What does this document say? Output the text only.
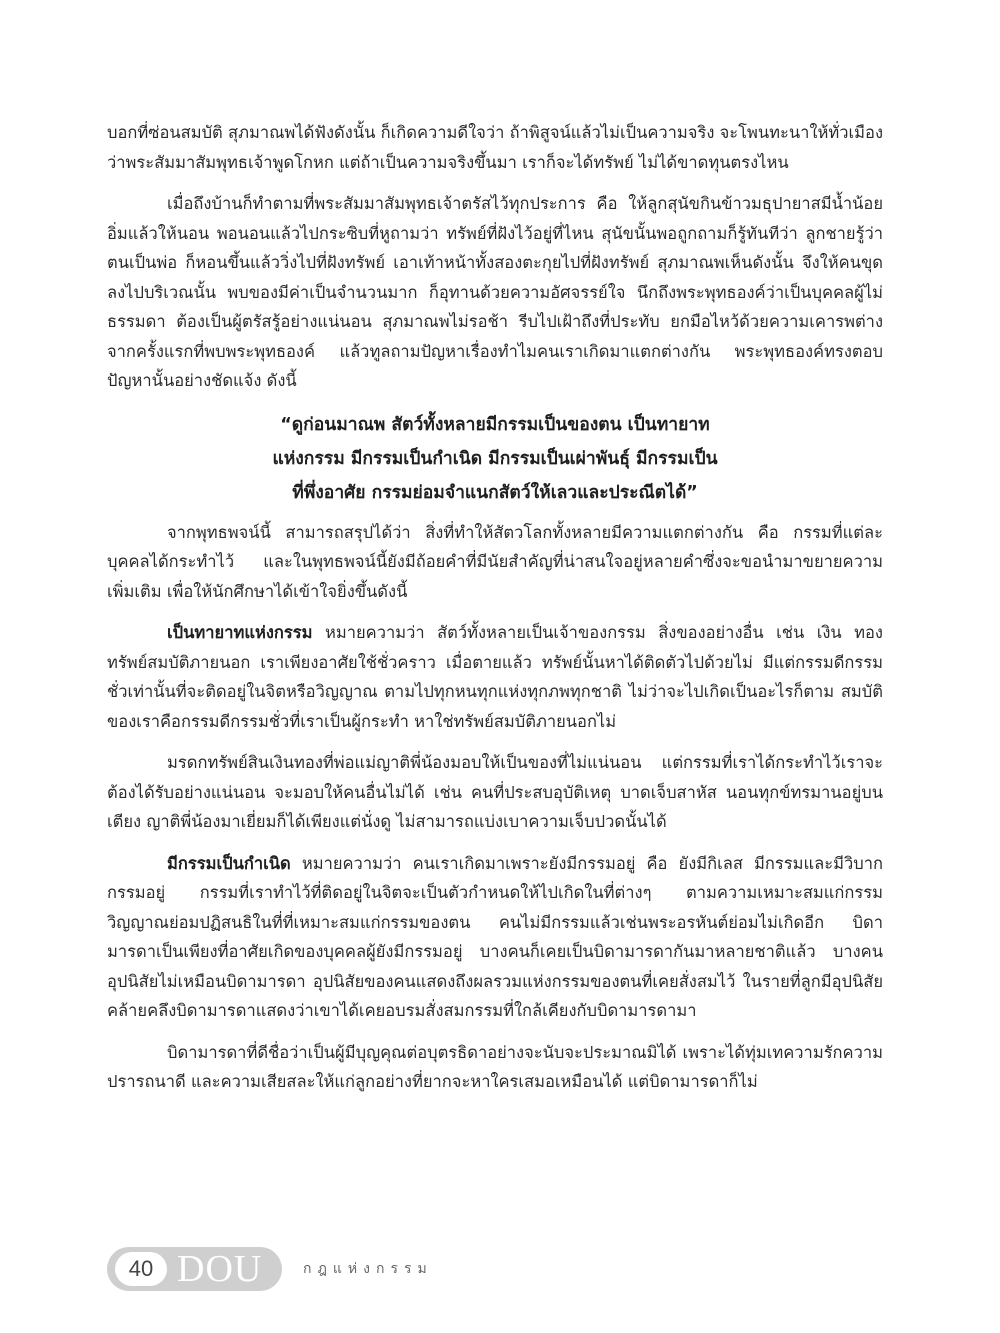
บอกที่ซ่อนสมบัติ สุภมาณพได้ฟังดังนั้น ก็เกิดความดีใจว่า ถ้าพิสูจน์แล้วไม่เป็นความจริง จะโพนทะนาให้ทั่วเมืองว่าพระสัมมาสัมพุทธเจ้าพูดโกหก แต่ถ้าเป็นความจริงขึ้นมา เราก็จะได้ทรัพย์ ไม่ได้ขาดทุนตรงไหน

เมื่อถึงบ้านก็ทำตามที่พระสัมมาสัมพุทธเจ้าตรัสไว้ทุกประการ คือ ให้ลูกสุนัขกินข้าวมธุปายาสมีน้ำน้อย อิ่มแล้วให้นอน พอนอนแล้วไปกระซิบที่หูถามว่า ทรัพย์ที่ฝังไว้อยู่ที่ไหน สุนัขนั้นพอถูกถามก็รู้ทันทีว่า ลูกชายรู้ว่าตนเป็นพ่อ ก็หอนขึ้นแล้ววิ่งไปที่ฝังทรัพย์ เอาเท้าหน้าทั้งสองตะกุยไปที่ฝังทรัพย์ สุภมาณพเห็นดังนั้น จึงให้คนขุดลงไปบริเวณนั้น พบของมีค่าเป็นจำนวนมาก ก็อุทานด้วยความอัศจรรย์ใจ นึกถึงพระพุทธองค์ว่าเป็นบุคคลผู้ไม่ธรรมดา ต้องเป็นผู้ตรัสรู้อย่างแน่นอน สุภมาณพไม่รอช้า รีบไปเฝ้าถึงที่ประทับ ยกมือไหว้ด้วยความเคารพต่างจากครั้งแรกที่พบพระพุทธองค์ แล้วทูลถามปัญหาเรื่องทำไมคนเราเกิดมาแตกต่างกัน พระพุทธองค์ทรงตอบปัญหานั้นอย่างชัดแจ้ง ดังนี้

“ดูก่อนมาณพ สัตว์ทั้งหลายมีกรรมเป็นของตน เป็นทายาท
แห่งกรรม มีกรรมเป็นกำเนิด มีกรรมเป็นเผ่าพันธุ์ มีกรรมเป็น
ที่พึ่งอาศัย กรรมย่อมจำแนกสัตว์ให้เลวและประณีตได้”

จากพุทธพจน์นี้ สามารถสรุปได้ว่า สิ่งที่ทำให้สัตวโลกทั้งหลายมีความแตกต่างกัน คือ กรรมที่แต่ละบุคคลได้กระทำไว้ และในพุทธพจน์นี้ยังมีถ้อยคำที่มีนัยสำคัญที่น่าสนใจอยู่หลายคำซึ่งจะขอนำมาขยายความเพิ่มเติม เพื่อให้นักศึกษาได้เข้าใจยิ่งขึ้นดังนี้

เป็นทายาทแห่งกรรม หมายความว่า สัตว์ทั้งหลายเป็นเจ้าของกรรม สิ่งของอย่างอื่น เช่น เงิน ทอง ทรัพย์สมบัติภายนอก เราเพียงอาศัยใช้ชั่วคราว เมื่อตายแล้ว ทรัพย์นั้นหาได้ติดตัวไปด้วยไม่ มีแต่กรรมดีกรรมชั่วเท่านั้นที่จะติดอยู่ในจิตหรือวิญญาณ ตามไปทุกหนทุกแห่งทุกภพทุกชาติ ไม่ว่าจะไปเกิดเป็นอะไรก็ตาม สมบัติของเราคือกรรมดีกรรมชั่วที่เราเป็นผู้กระทำ หาใช่ทรัพย์สมบัติภายนอกไม่

มรดกทรัพย์สินเงินทองที่พ่อแม่ญาติพี่น้องมอบให้เป็นของที่ไม่แน่นอน แต่กรรมที่เราได้กระทำไว้เราจะต้องได้รับอย่างแน่นอน จะมอบให้คนอื่นไม่ได้ เช่น คนที่ประสบอุบัติเหตุ บาดเจ็บสาหัส นอนทุกข์ทรมานอยู่บนเตียง ญาติพี่น้องมาเยี่ยมก็ได้เพียงแต่นั่งดู ไม่สามารถแบ่งเบาความเจ็บปวดนั้นได้

มีกรรมเป็นกำเนิด หมายความว่า คนเราเกิดมาเพราะยังมีกรรมอยู่ คือ ยังมีกิเลส มีกรรมและมีวิบากกรรมอยู่ กรรมที่เราทำไว้ที่ติดอยู่ในจิตจะเป็นตัวกำหนดให้ไปเกิดในที่ต่างๆ ตามความเหมาะสมแก่กรรม วิญญาณย่อมปฏิสนธิในที่ที่เหมาะสมแก่กรรมของตน คนไม่มีกรรมแล้วเช่นพระอรหันต์ย่อมไม่เกิดอีก บิดามารดาเป็นเพียงที่อาศัยเกิดของบุคคลผู้ยังมีกรรมอยู่ บางคนก็เคยเป็นบิดามารดากันมาหลายชาติแล้ว บางคนอุปนิสัยไม่เหมือนบิดามารดา อุปนิสัยของคนแสดงถึงผลรวมแห่งกรรมของตนที่เคยสั่งสมไว้ ในรายที่ลูกมีอุปนิสัยคล้ายคลึงบิดามารดาแสดงว่าเขาได้เคยอบรมสั่งสมกรรมที่ใกล้เคียงกับบิดามารดามา

บิดามารดาที่ดีชื่อว่าเป็นผู้มีบุญคุณต่อบุตรธิดาอย่างจะนับจะประมาณมิได้ เพราะได้ทุ่มเทความรักความปรารถนาดี และความเสียสละให้แก่ลูกอย่างที่ยากจะหาใครเสมอเหมือนได้ แต่บิดามารดาก็ไม่

40 DOU	กฎแห่งกรรม
